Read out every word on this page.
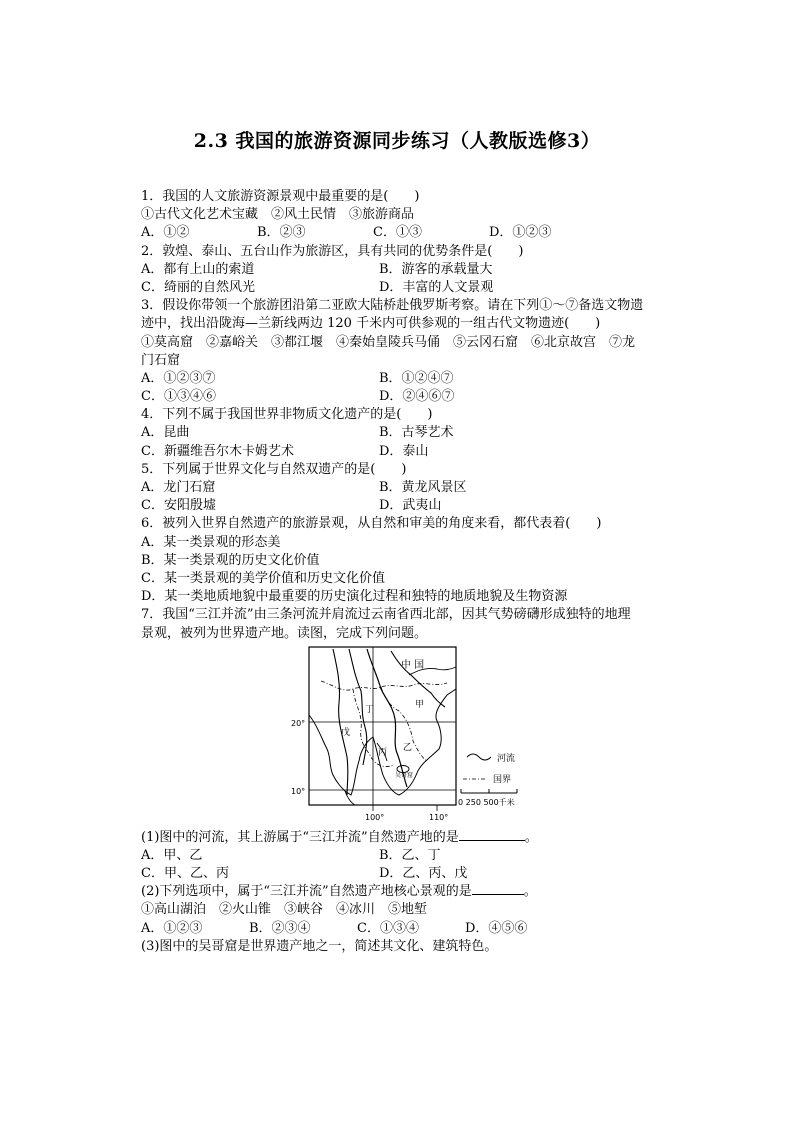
2.3 我国的旅游资源同步练习（人教版选修3）
1．我国的人文旅游资源景观中最重要的是(　　)
①古代文化艺术宝藏　②风土民情　③旅游商品
A．①②	B．②③	C．①③	D．①②③
2．敦煌、泰山、五台山作为旅游区，具有共同的优势条件是(　　)
A．都有上山的索道	B．游客的承载量大
C．绮丽的自然风光	D．丰富的人文景观
3．假设你带领一个旅游团沿第二亚欧大陆桥赴俄罗斯考察。请在下列①～⑦备选文物遗
迹中，找出沿陇海—兰新线两边 120 千米内可供参观的一组古代文物遗迹(　　)
①莫高窟　②嘉峪关　③都江堰　④秦始皇陵兵马俑　⑤云冈石窟　⑥北京故宫　⑦龙
门石窟
A．①②③⑦	B．①②④⑦
C．①③④⑥	D．②④⑥⑦
4．下列不属于我国世界非物质文化遗产的是(　　)
A．昆曲	B．古琴艺术
C．新疆维吾尔木卡姆艺术	D．泰山
5．下列属于世界文化与自然双遗产的是(　　)
A．龙门石窟	B．黄龙风景区
C．安阳殷墟	D．武夷山
6．被列入世界自然遗产的旅游景观，从自然和审美的角度来看，都代表着(　　)
A．某一类景观的形态美
B．某一类景观的历史文化价值
C．某一类景观的美学价值和历史文化价值
D．某一类地质地貌中最重要的历史演化过程和独特的地质地貌及生物资源
7．我国“三江并流”由三条河流并肩流过云南省西北部，因其气势磅礴形成独特的地理
景观，被列为世界遗产地。读图，完成下列问题。
中 国
甲
乙
丙
丁
戊
吴哥窟
20°
10°
100°	110°
河流
国界
0 250 500千米
(1)图中的河流，其上游属于“三江并流”自然遗产地的是	。
A．甲、乙	B．乙、丁
C．甲、乙、丙	D．乙、丙、戊
(2)下列选项中，属于“三江并流”自然遗产地核心景观的是	。
①高山湖泊　②火山锥　③峡谷　④冰川　⑤地堑
A．①②③	B．②③④	C．①③④	D．④⑤⑥
(3)图中的吴哥窟是世界遗产地之一，简述其文化、建筑特色。
